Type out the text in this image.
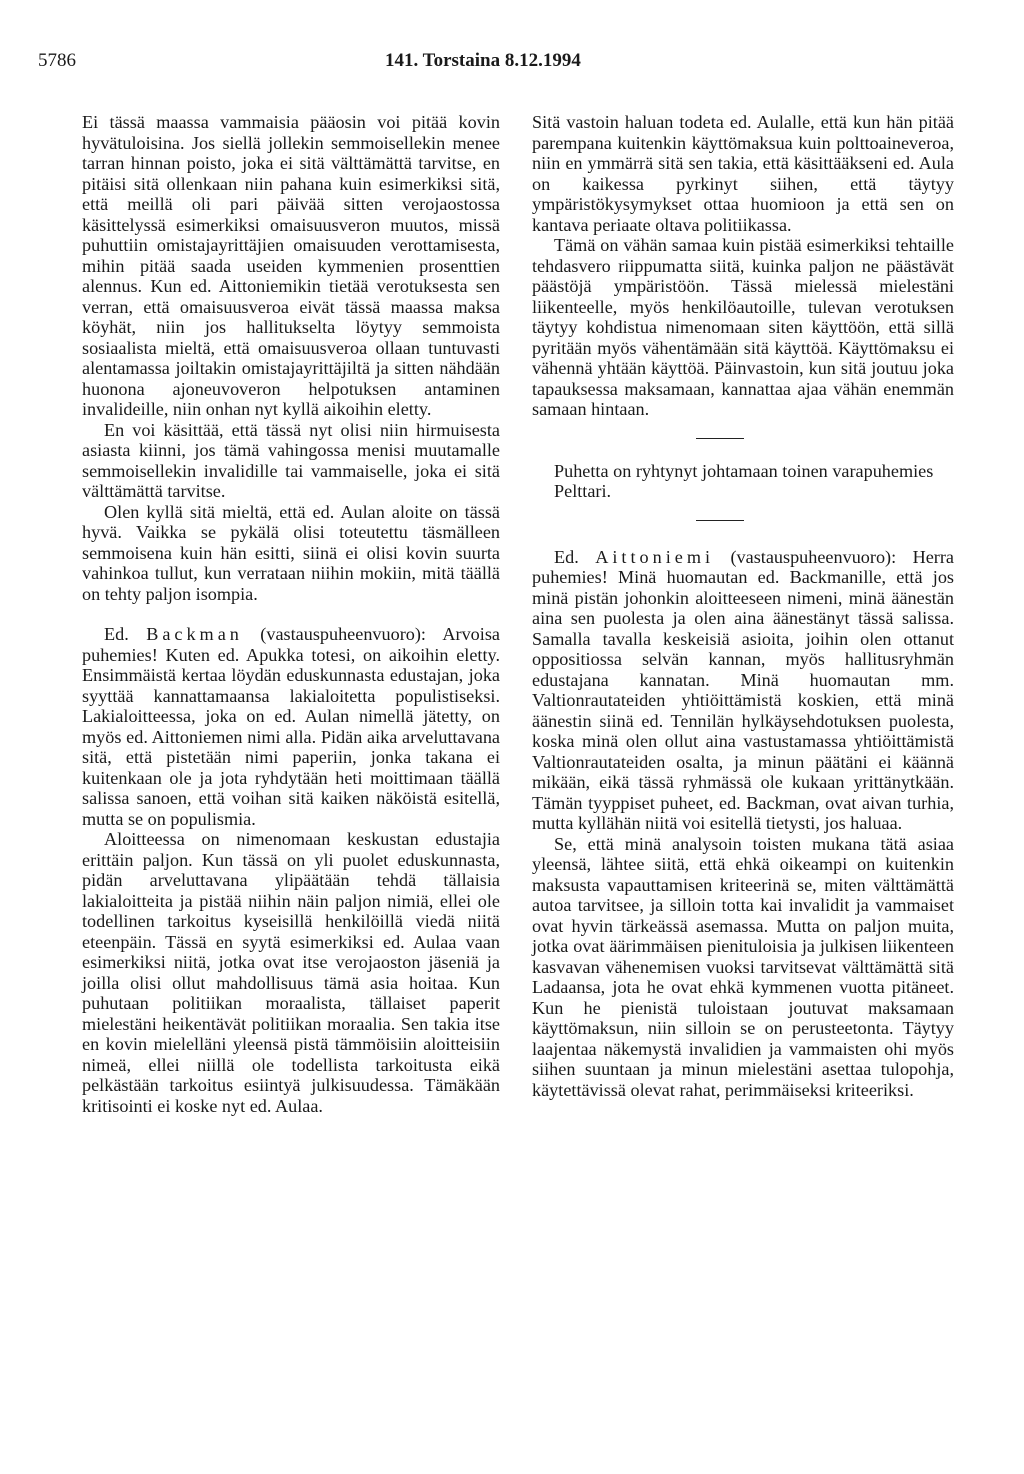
5786	141. Torstaina 8.12.1994

Ei tässä maassa vammaisia pääosin voi pitää kovin hyvätuloisina. Jos siellä jollekin semmoisellekin menee tarran hinnan poisto, joka ei sitä välttämättä tarvitse, en pitäisi sitä ollenkaan niin pahana kuin esimerkiksi sitä, että meillä oli pari päivää sitten verojaostossa käsittelyssä esimerkiksi omaisuusveron muutos, missä puhuttiin omistajayrittäjien omaisuuden verottamisesta, mihin pitää saada useiden kymmenien prosenttien alennus. Kun ed. Aittoniemikin tietää verotuksesta sen verran, että omaisuusveroa eivät tässä maassa maksa köyhät, niin jos hallitukselta löytyy semmoista sosiaalista mieltä, että omaisuusveroa ollaan tuntuvasti alentamassa joiltakin omistajayrittäjiltä ja sitten nähdään huonona ajoneuvoveron helpotuksen antaminen invalideille, niin onhan nyt kyllä aikoihin eletty.

En voi käsittää, että tässä nyt olisi niin hirmuisesta asiasta kiinni, jos tämä vahingossa menisi muutamalle semmoisellekin invalidille tai vammaiselle, joka ei sitä välttämättä tarvitse.

Olen kyllä sitä mieltä, että ed. Aulan aloite on tässä hyvä. Vaikka se pykälä olisi toteutettu täsmälleen semmoisena kuin hän esitti, siinä ei olisi kovin suurta vahinkoa tullut, kun verrataan niihin mokiin, mitä täällä on tehty paljon isompia.

Ed. Backman (vastauspuheenvuoro): Arvoisa puhemies! Kuten ed. Apukka totesi, on aikoihin eletty. Ensimmäistä kertaa löydän eduskunnasta edustajan, joka syyttää kannattamaansa lakialoitetta populistiseksi. Lakialoitteessa, joka on ed. Aulan nimellä jätetty, on myös ed. Aittoniemen nimi alla. Pidän aika arveluttavana sitä, että pistetään nimi paperiin, jonka takana ei kuitenkaan ole ja jota ryhdytään heti moittimaan täällä salissa sanoen, että voihan sitä kaiken näköistä esitellä, mutta se on populismia.

Aloitteessa on nimenomaan keskustan edustajia erittäin paljon. Kun tässä on yli puolet eduskunnasta, pidän arveluttavana ylipäätään tehdä tällaisia lakialoitteita ja pistää niihin näin paljon nimiä, ellei ole todellinen tarkoitus kyseisillä henkilöillä viedä niitä eteenpäin. Tässä en syytä esimerkiksi ed. Aulaa vaan esimerkiksi niitä, jotka ovat itse verojaoston jäseniä ja joilla olisi ollut mahdollisuus tämä asia hoitaa. Kun puhutaan politiikan moraalista, tällaiset paperit mielestäni heikentävät politiikan moraalia. Sen takia itse en kovin mielelläni yleensä pistä tämmöisiin aloitteisiin nimeä, ellei niillä ole todellista tarkoitusta eikä pelkästään tarkoitus esiintyä julkisuudessa. Tämäkään kritisointi ei koske nyt ed. Aulaa.

Sitä vastoin haluan todeta ed. Aulalle, että kun hän pitää parempana kuitenkin käyttömaksua kuin polttoaineveroa, niin en ymmärrä sitä sen takia, että käsittääkseni ed. Aula on kaikessa pyrkinyt siihen, että täytyy ympäristökysymykset ottaa huomioon ja että sen on kantava periaate oltava politiikassa.

Tämä on vähän samaa kuin pistää esimerkiksi tehtaille tehdasvero riippumatta siitä, kuinka paljon ne päästävät päästöjä ympäristöön. Tässä mielessä mielestäni liikenteelle, myös henkilöautoille, tulevan verotuksen täytyy kohdistua nimenomaan siten käyttöön, että sillä pyritään myös vähentämään sitä käyttöä. Käyttömaksu ei vähennä yhtään käyttöä. Päinvastoin, kun sitä joutuu joka tapauksessa maksamaan, kannattaa ajaa vähän enemmän samaan hintaan.

Puhetta on ryhtynyt johtamaan toinen varapuhemies Pelttari.

Ed. Aittoniemi (vastauspuheenvuoro): Herra puhemies! Minä huomautan ed. Backmanille, että jos minä pistän johonkin aloitteeseen nimeni, minä äänestän aina sen puolesta ja olen aina äänestänyt tässä salissa. Samalla tavalla keskeisiä asioita, joihin olen ottanut oppositiossa selvän kannan, myös hallitusryhmän edustajana kannatan. Minä huomautan mm. Valtionrautateiden yhtiöittämistä koskien, että minä äänestin siinä ed. Tennilän hylkäysehdotuksen puolesta, koska minä olen ollut aina vastustamassa yhtiöittämistä Valtionrautateiden osalta, ja minun päätäni ei käännä mikään, eikä tässä ryhmässä ole kukaan yrittänytkään. Tämän tyyppiset puheet, ed. Backman, ovat aivan turhia, mutta kyllähän niitä voi esitellä tietysti, jos haluaa.

Se, että minä analysoin toisten mukana tätä asiaa yleensä, lähtee siitä, että ehkä oikeampi on kuitenkin maksusta vapauttamisen kriteerinä se, miten välttämättä autoa tarvitsee, ja silloin totta kai invalidit ja vammaiset ovat hyvin tärkeässä asemassa. Mutta on paljon muita, jotka ovat äärimmäisen pienituloisia ja julkisen liikenteen kasvavan vähenemisen vuoksi tarvitsevat välttämättä sitä Ladaansa, jota he ovat ehkä kymmenen vuotta pitäneet. Kun he pienistä tuloistaan joutuvat maksamaan käyttömaksun, niin silloin se on perusteetonta. Täytyy laajentaa näkemystä invalidien ja vammaisten ohi myös siihen suuntaan ja minun mielestäni asettaa tulopohja, käytettävissä olevat rahat, perimmäiseksi kriteeriksi.
